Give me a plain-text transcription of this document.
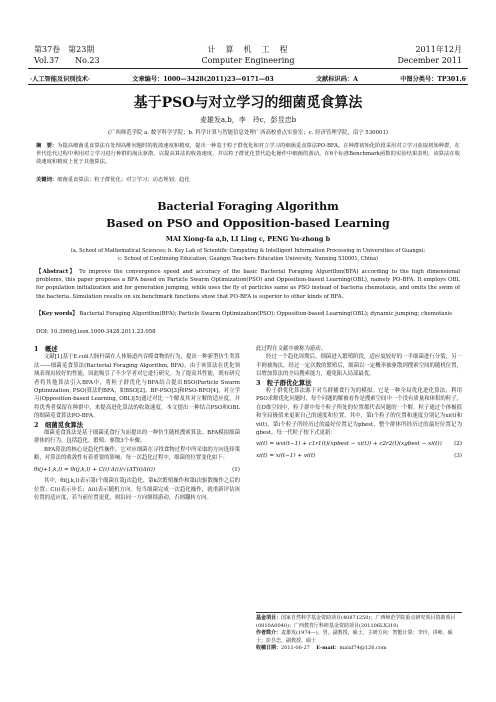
第37卷　第23期
Vol.37　　No.23
计　算　机　工　程
Computer Engineering
2011年12月
December 2011
·人工智能及识别技术·	文章编号：1000—3428(2011)23—0171—03	文献标识码：A	中图分类号：TP301.6
基于PSO与对立学习的细菌觅食算法
麦雄发a,b，李　玲c，彭昱忠b
(广西师范学院 a. 数学科学学院；b. 科学计算与智能信息处理广西高校重点实验室；c. 经济管理学院，南宁 530001)
摘　要：为提高细菌觅食算法在处理高维问题时的收敛速度和精度，提出一种基于粒子群优化和对立学习的细菌觅食算法PO-BFA。在种群初始化阶段采用对立学习获取初始种群，在世代迭代过程中利用对立学习进行种群的淘汰驱散，以提高算法的收敛速度，并以粒子群优化替代趋化操作中细菌的游动。在6个标准Benchmark函数的实验结果表明，该算法在收敛速度和精度上优于其他算法。
关键词：细菌觅食算法；粒子群优化；对立学习；动态规划；趋化
Bacterial Foraging Algorithm
Based on PSO and Opposition-based Learning
MAI Xiong-fa a,b, LI Ling c, PENG Yu-zhong b
(a. School of Mathematical Sciences; b. Key Lab of Scientific Computing & Intelligent Information Processing in Universities of Guangxi;
c. School of Continuing Education, Guangxi Teachers Education University, Nanning 530001, China)
【Abstract】 To improve the convergence speed and accuracy of the basic Bacterial Foraging Algorithm(BFA) according to the high dimensional problems, this paper proposes a BFA based on Particle Swarm Optimization(PSO) and Opposition-based Learning(OBL), namely PO-BFA. It employs OBL for population initialization and for generation jumping, while uses the fly of particles same as PSO instead of bacteria chemotaxis, and omits the swim of the bacteria. Simulation results on six benchmark functions show that PO-BFA is superior to other kinds of BFA.
【Key words】 Bacterial Foraging Algorithm(BFA); Particle Swarm Optimization(PSO); Opposition-based Learning(OBL); dynamic jumping; chemotaxis
DOI: 10.3969/j.issn.1000-3428.2011.23.058

1　概述

文献[1]基于E.coli大肠杆菌在人体肠道内吞噬食物的行为，提出一种新型仿生类算法——细菌觅食算法(Bacterial Foraging Algorithm, BFA)。由于该算法在优化领域表现出较好的性能，因此吸引了不少学者对它进行研究。为了提高其性能，既有研究者将其他算法引入BFA中，将粒子群优化与BFA结合提出BSO(Particle Swarm Optimization, PSO)算法的BFA，如BSO[2]、BF-PSO[3]和PSO-BFO[4]，对立学习(Opposition-based Learning, OBL)[5]通过对比一个解及其对立解的适应度，并将优秀者保留在种群中，来提高进化算法的收敛速度。本文提出一种结合PSO和OBL的细菌觅食算法PO-BFA。

2　细菌觅食算法

细菌觅食算法是基于细菌觅食行为而提出的一种仿生随机搜索算法。BFA模拟细菌群体的行为，包括趋化、繁殖、驱散3个步骤。

BFA算法的核心是趋化性操作，它对应细菌在寻找食物过程中所采取的方向选择策略，对算法的收敛性有着重要的影响。每一次趋化过程中，细菌的位置变化如下：

θi(j+1,k,l) = θi(j,k,l) + C(i)·Δ(i)/√(ΔT(i)Δ(i))	(1)

其中，θi(j,k,l)表示第i个细菌在第j次趋化、第k次繁殖操作和第l次驱散操作之后的位置；C(i)表示步长；Δ(i)表示随机方向。每当细菌完成一次趋化操作，就重新评估该位置的适应度，若当前位置更优，则沿同一方向继续游动，否则翻转方向。

此过程在文献中被称为游动。

经过一个趋化周期后，细菌进入繁殖阶段，适应度较好的一半细菌进行分裂，另一半则被淘汰。经过一定次数的繁殖后，细菌以一定概率被驱散到搜索空间的随机位置，以增加算法的全局搜索能力，避免陷入局部最优。

3　粒子群优化算法

粒子群优化算法源于对鸟群捕食行为的模拟。它是一种全局优化进化算法，利用PSO求解优化问题时，每个问题的解被看作是搜索空间中一个没有质量和体积的粒子，在D维空间中，粒子群中每个粒子所处的位置都代表问题的一个解。粒子通过个体极值和全局极值来更新自己的速度和位置，其中，第i个粒子的位置和速度分别记为xi(t)和vi(t)，第i个粒子所经历过的最好位置记为pbest，整个群体所经历过的最好位置记为gbest。每一代粒子按下式更新：

vi(t) = wvi(t−1) + c1r1(t)(xpbest − xi(t)) + c2r2(t)(xgbest − xi(t)) (2)

xi(t) = xi(t−1) + vi(t)	(3)

基金项目：国家自然科学基金资助项目(40871250)；广西师范学院重点研究项目资助项目(0810A0040)；广西教育厅科研基金资助项目(201106LX310)
作者简介：麦雄发(1974—)，男，副教授、硕士，主研方向：智能计算；李玲，讲师、硕士；彭昱忠，副教授、硕士
收稿日期：2011-06-27 E-mail：maixf74@126.com
